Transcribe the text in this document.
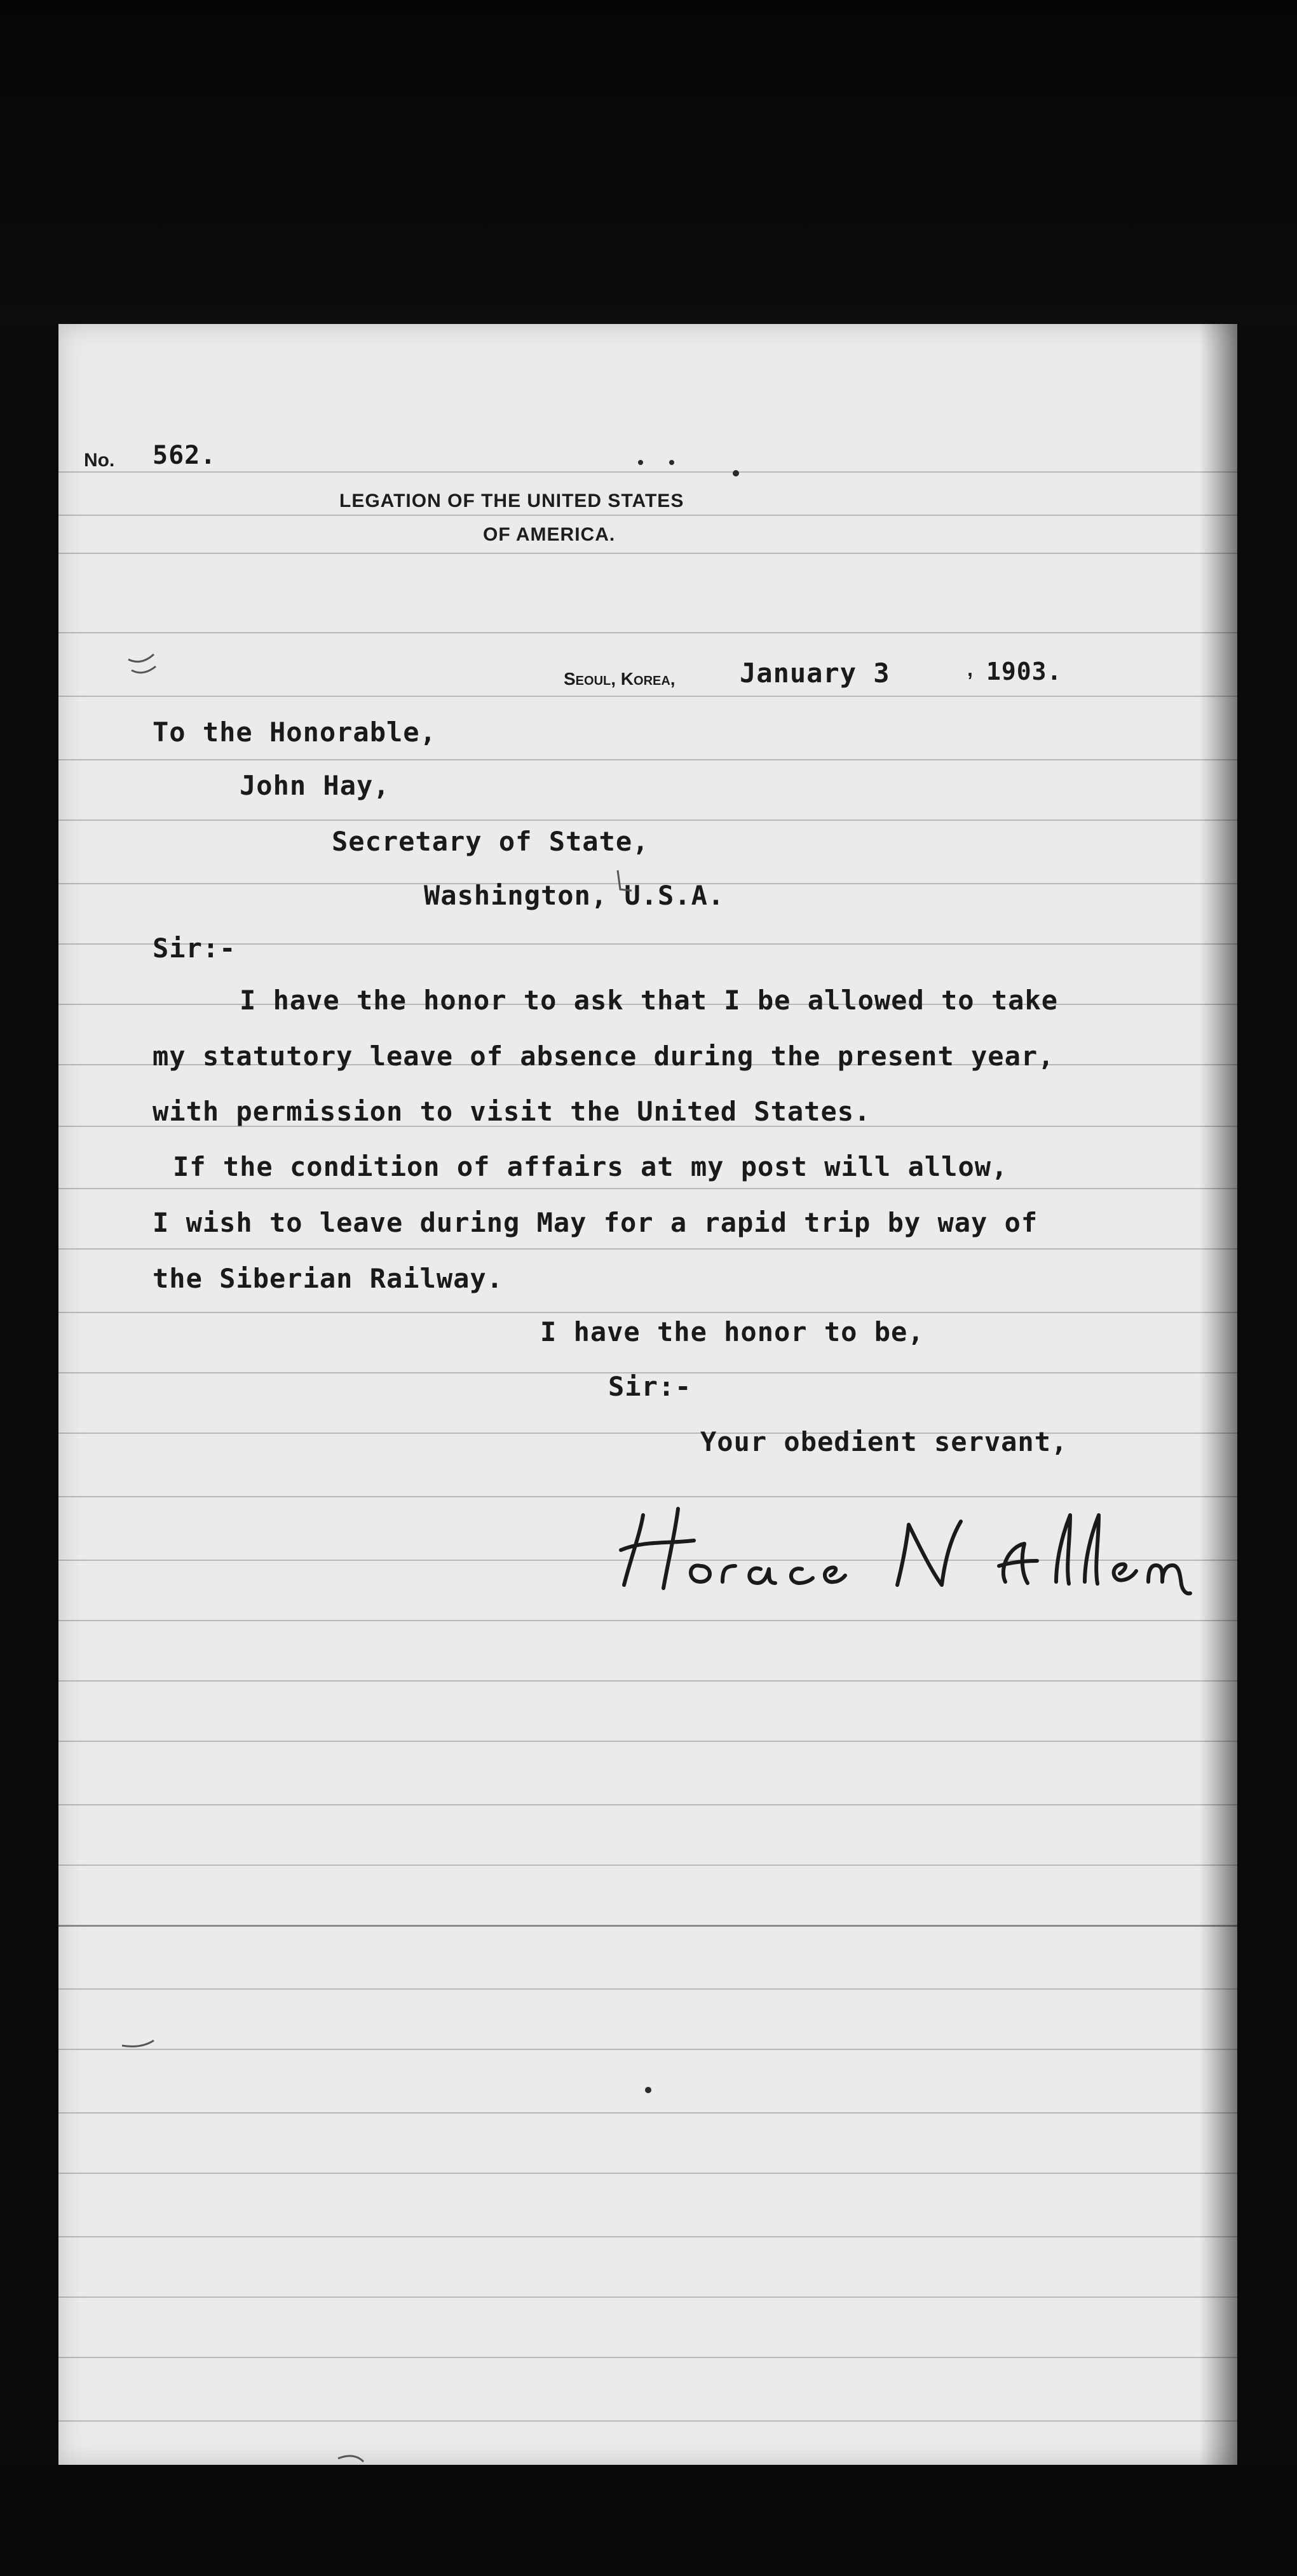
No. 562.
LEGATION OF THE UNITED STATES
OF AMERICA.
Seoul, Korea, January 3	, 1903.
To the Honorable,
John Hay,
Secretary of State,
Washington, U.S.A.
Sir:-
I have the honor to ask that I be allowed to take
my statutory leave of absence during the present year,
with permission to visit the United States.
If the condition of affairs at my post will allow,
I wish to leave during May for a rapid trip by way of
the Siberian Railway.
I have the honor to be,
Sir:-
Your obedient servant,
